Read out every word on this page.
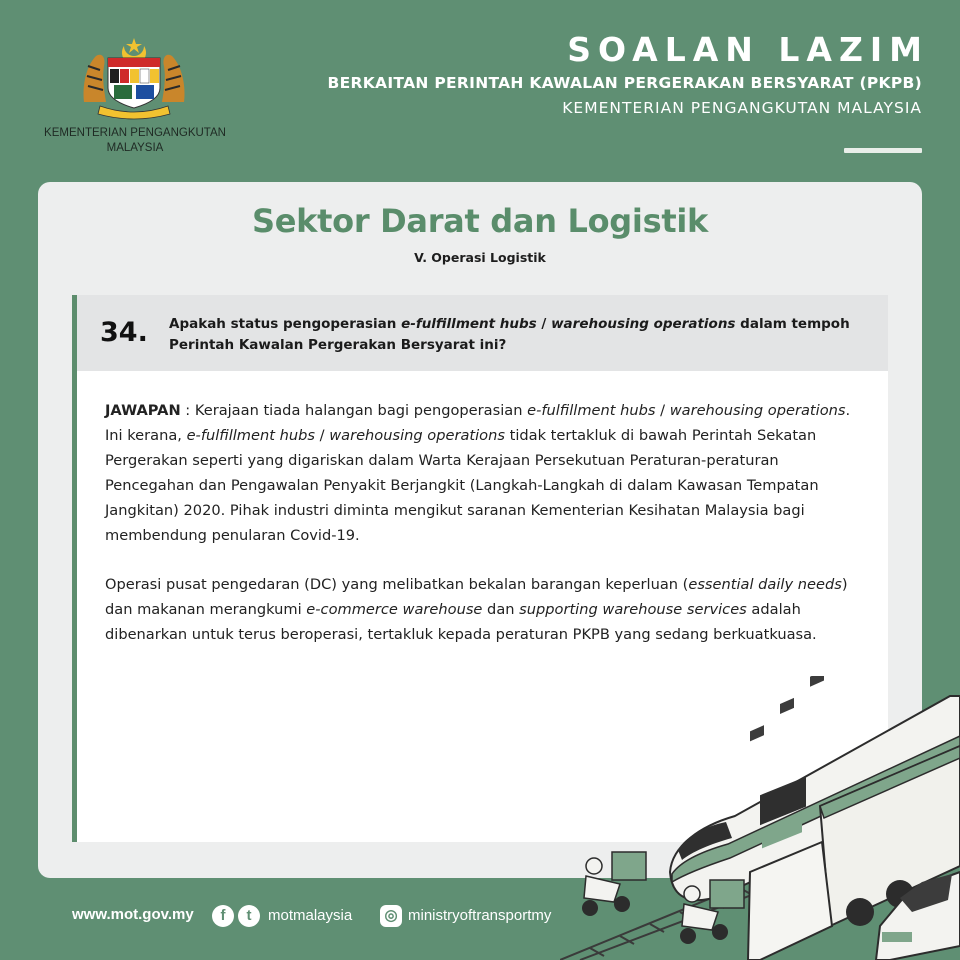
KEMENTERIAN PENGANGKUTAN MALAYSIA
SOALAN LAZIM
BERKAITAN PERINTAH KAWALAN PERGERAKAN BERSYARAT (PKPB)
KEMENTERIAN PENGANGKUTAN MALAYSIA
Sektor Darat dan Logistik
V. Operasi Logistik
34. Apakah status pengoperasian e-fulfillment hubs / warehousing operations dalam tempoh Perintah Kawalan Pergerakan Bersyarat ini?

JAWAPAN : Kerajaan tiada halangan bagi pengoperasian e-fulfillment hubs / warehousing operations. Ini kerana, e-fulfillment hubs / warehousing operations tidak tertakluk di bawah Perintah Sekatan Pergerakan seperti yang digariskan dalam Warta Kerajaan Persekutuan Peraturan-peraturan Pencegahan dan Pengawalan Penyakit Berjangkit (Langkah-Langkah di dalam Kawasan Tempatan Jangkitan) 2020. Pihak industri diminta mengikut saranan Kementerian Kesihatan Malaysia bagi membendung penularan Covid-19.

Operasi pusat pengedaran (DC) yang melibatkan bekalan barangan keperluan (essential daily needs) dan makanan merangkumi e-commerce warehouse dan supporting warehouse services adalah dibenarkan untuk terus beroperasi, tertakluk kepada peraturan PKPB yang sedang berkuatkuasa.

www.mot.gov.my	f	t	motmalaysia ◎ ministryoftransportmy
